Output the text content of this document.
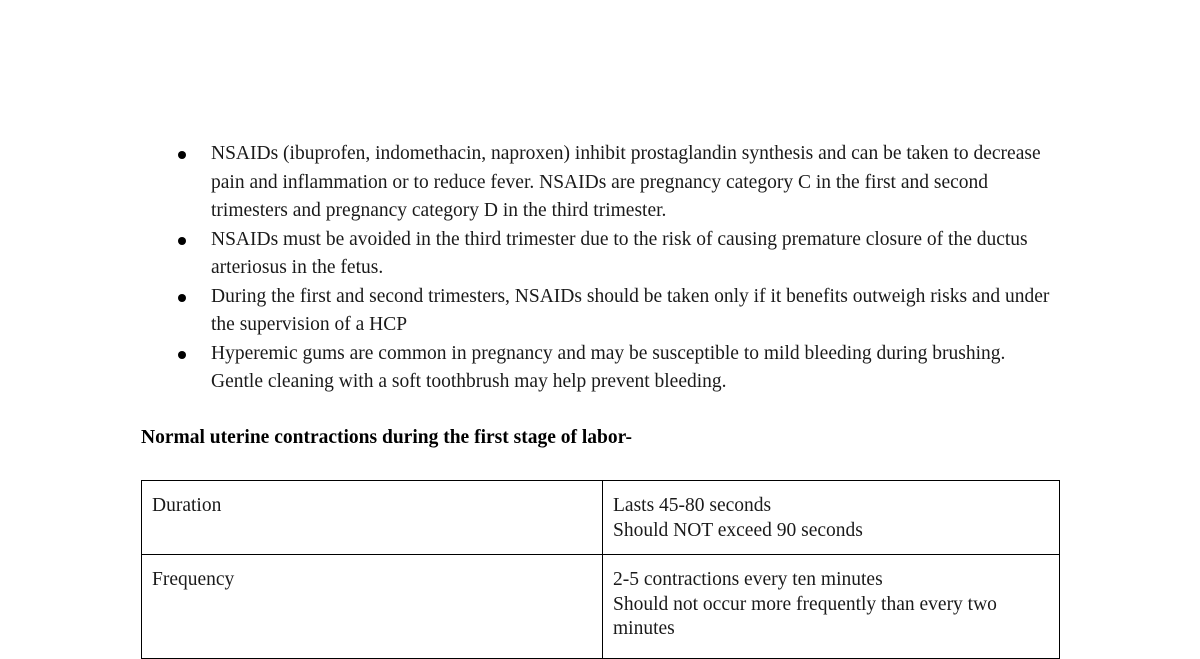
NSAIDs (ibuprofen, indomethacin, naproxen) inhibit prostaglandin synthesis and can be taken to decrease pain and inflammation or to reduce fever. NSAIDs are pregnancy category C in the first and second trimesters and pregnancy category D in the third trimester.
NSAIDs must be avoided in the third trimester due to the risk of causing premature closure of the ductus arteriosus in the fetus.
During the first and second trimesters, NSAIDs should be taken only if it benefits outweigh risks and under the supervision of a HCP
Hyperemic gums are common in pregnancy and may be susceptible to mild bleeding during brushing. Gentle cleaning with a soft toothbrush may help prevent bleeding.

Normal uterine contractions during the first stage of labor-

Duration	Lasts 45-80 seconds
Should NOT exceed 90 seconds

Frequency	2-5 contractions every ten minutes
Should not occur more frequently than every two minutes
